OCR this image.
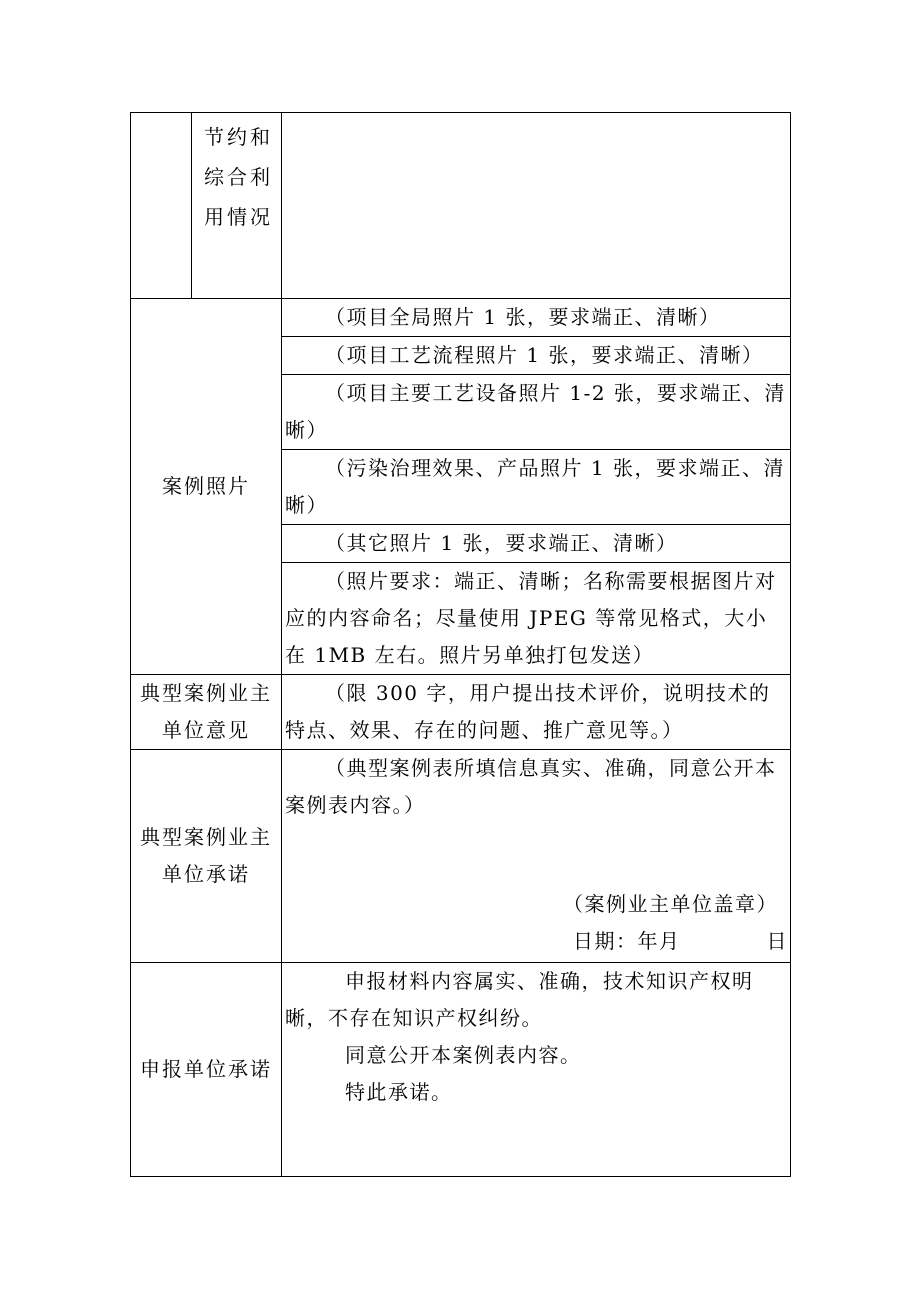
	节约和综合利用情况	
案例照片		（项目全局照片 1 张，要求端正、清晰）
		（项目工艺流程照片 1 张，要求端正、清晰）
		（项目主要工艺设备照片 1-2 张，要求端正、清晰）
		（污染治理效果、产品照片 1 张，要求端正、清晰）
		（其它照片 1 张，要求端正、清晰）
		（照片要求：端正、清晰；名称需要根据图片对应的内容命名；尽量使用 JPEG 等常见格式，大小在 1MB 左右。照片另单独打包发送）
典型案例业主单位意见		（限 300 字，用户提出技术评价，说明技术的特点、效果、存在的问题、推广意见等。）
典型案例业主单位承诺		（典型案例表所填信息真实、准确，同意公开本案例表内容。）
（案例业主单位盖章）
日期：年月　　　　日

申报单位承诺		申报材料内容属实、准确，技术知识产权明晰，不存在知识产权纠纷。
同意公开本案例表内容。
特此承诺。
